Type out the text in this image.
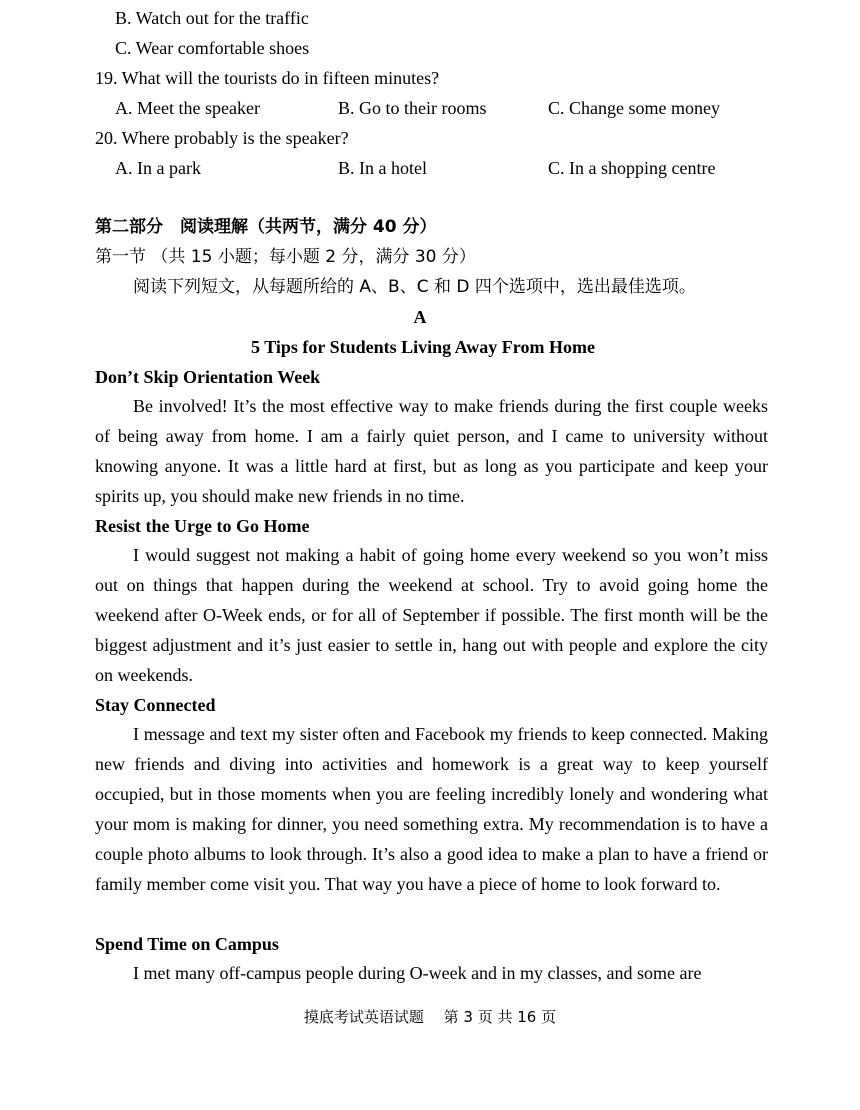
B. Watch out for the traffic
C. Wear comfortable shoes
19. What will the tourists do in fifteen minutes?
A. Meet the speaker	B. Go to their rooms	C. Change some money
20. Where probably is the speaker?
A. In a park	B. In a hotel	C. In a shopping centre
第二部分　阅读理解（共两节，满分 40 分）
第一节 （共 15 小题；每小题 2 分，满分 30 分）
阅读下列短文，从每题所给的 A、B、C 和 D 四个选项中，选出最佳选项。
A
5 Tips for Students Living Away From Home
Don’t Skip Orientation Week

Be involved! It’s the most effective way to make friends during the first couple weeks of being away from home. I am a fairly quiet person, and I came to university without knowing anyone. It was a little hard at first, but as long as you participate and keep your spirits up, you should make new friends in no time.

Resist the Urge to Go Home

I would suggest not making a habit of going home every weekend so you won’t miss out on things that happen during the weekend at school. Try to avoid going home the weekend after O-Week ends, or for all of September if possible. The first month will be the biggest adjustment and it’s just easier to settle in, hang out with people and explore the city on weekends.

Stay Connected

I message and text my sister often and Facebook my friends to keep connected. Making new friends and diving into activities and homework is a great way to keep yourself occupied, but in those moments when you are feeling incredibly lonely and wondering what your mom is making for dinner, you need something extra. My recommendation is to have a couple photo albums to look through. It’s also a good idea to make a plan to have a friend or family member come visit you. That way you have a piece of home to look forward to.

Spend Time on Campus

I met many off-campus people during O-week and in my classes, and some are

摸底考试英语试题　 第 3 页 共 16 页
